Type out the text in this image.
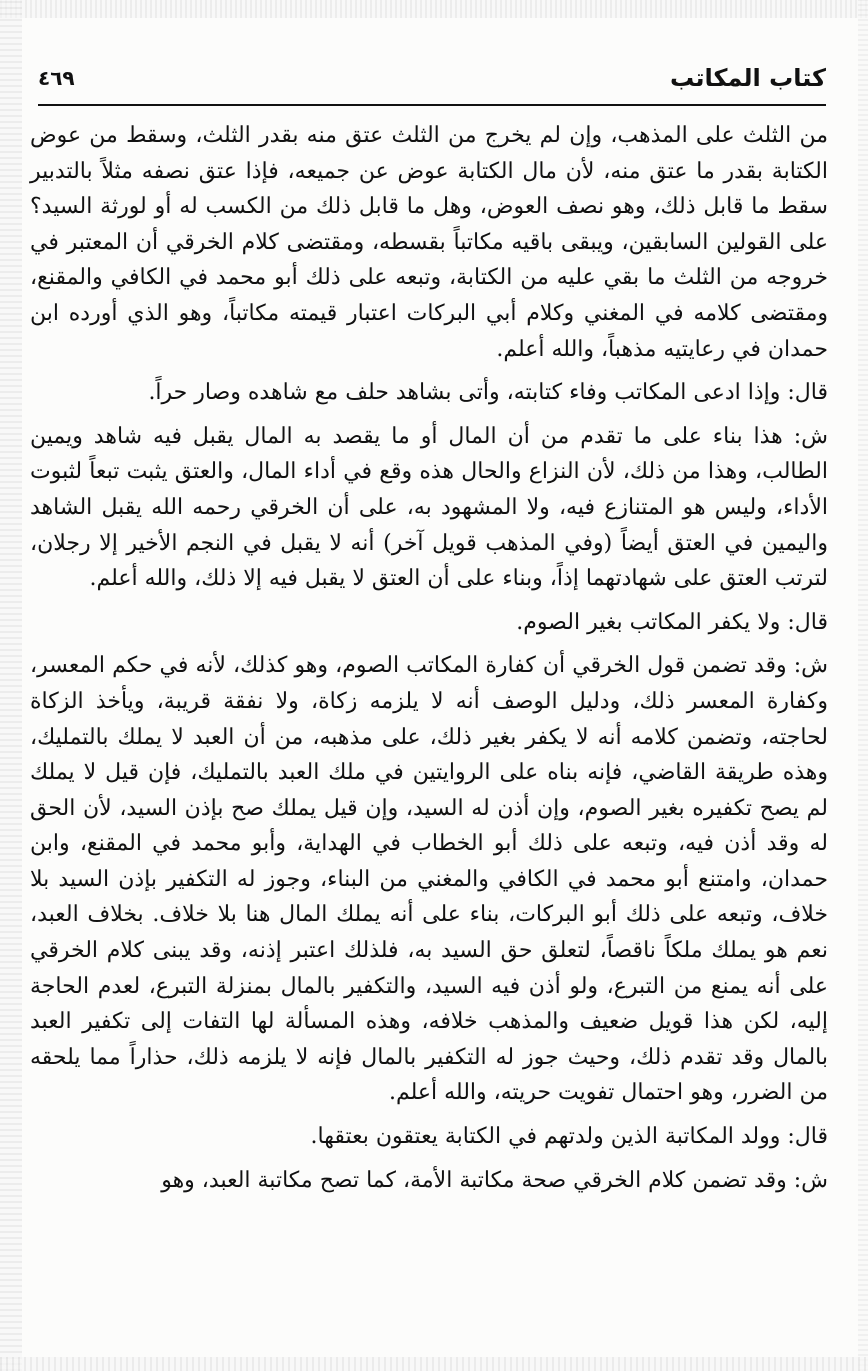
كتاب المكاتب
٤٦٩

من الثلث على المذهب، وإن لم يخرج من الثلث عتق منه بقدر الثلث، وسقط من عوض الكتابة بقدر ما عتق منه، لأن مال الكتابة عوض عن جميعه، فإذا عتق نصفه مثلاً بالتدبير سقط ما قابل ذلك، وهو نصف العوض، وهل ما قابل ذلك من الكسب له أو لورثة السيد؟ على القولين السابقين، ويبقى باقيه مكاتباً بقسطه، ومقتضى كلام الخرقي أن المعتبر في خروجه من الثلث ما بقي عليه من الكتابة، وتبعه على ذلك أبو محمد في الكافي والمقنع، ومقتضى كلامه في المغني وكلام أبي البركات اعتبار قيمته مكاتباً، وهو الذي أورده ابن حمدان في رعايتيه مذهباً، والله أعلم.

قال: وإذا ادعى المكاتب وفاء كتابته، وأتى بشاهد حلف مع شاهده وصار حراً.

ش: هذا بناء على ما تقدم من أن المال أو ما يقصد به المال يقبل فيه شاهد ويمين الطالب، وهذا من ذلك، لأن النزاع والحال هذه وقع في أداء المال، والعتق يثبت تبعاً لثبوت الأداء، وليس هو المتنازع فيه، ولا المشهود به، على أن الخرقي رحمه الله يقبل الشاهد واليمين في العتق أيضاً (وفي المذهب قويل آخر) أنه لا يقبل في النجم الأخير إلا رجلان، لترتب العتق على شهادتهما إذاً، وبناء على أن العتق لا يقبل فيه إلا ذلك، والله أعلم.

قال: ولا يكفر المكاتب بغير الصوم.

ش: وقد تضمن قول الخرقي أن كفارة المكاتب الصوم، وهو كذلك، لأنه في حكم المعسر، وكفارة المعسر ذلك، ودليل الوصف أنه لا يلزمه زكاة، ولا نفقة قريبة، ويأخذ الزكاة لحاجته، وتضمن كلامه أنه لا يكفر بغير ذلك، على مذهبه، من أن العبد لا يملك بالتمليك، وهذه طريقة القاضي، فإنه بناه على الروايتين في ملك العبد بالتمليك، فإن قيل لا يملك لم يصح تكفيره بغير الصوم، وإن أذن له السيد، وإن قيل يملك صح بإذن السيد، لأن الحق له وقد أذن فيه، وتبعه على ذلك أبو الخطاب في الهداية، وأبو محمد في المقنع، وابن حمدان، وامتنع أبو محمد في الكافي والمغني من البناء، وجوز له التكفير بإذن السيد بلا خلاف، وتبعه على ذلك أبو البركات، بناء على أنه يملك المال هنا بلا خلاف. بخلاف العبد، نعم هو يملك ملكاً ناقصاً، لتعلق حق السيد به، فلذلك اعتبر إذنه، وقد يبنى كلام الخرقي على أنه يمنع من التبرع، ولو أذن فيه السيد، والتكفير بالمال بمنزلة التبرع، لعدم الحاجة إليه، لكن هذا قويل ضعيف والمذهب خلافه، وهذه المسألة لها التفات إلى تكفير العبد بالمال وقد تقدم ذلك، وحيث جوز له التكفير بالمال فإنه لا يلزمه ذلك، حذاراً مما يلحقه من الضرر، وهو احتمال تفويت حريته، والله أعلم.

قال: وولد المكاتبة الذين ولدتهم في الكتابة يعتقون بعتقها.

ش: وقد تضمن كلام الخرقي صحة مكاتبة الأمة، كما تصح مكاتبة العبد، وهو
